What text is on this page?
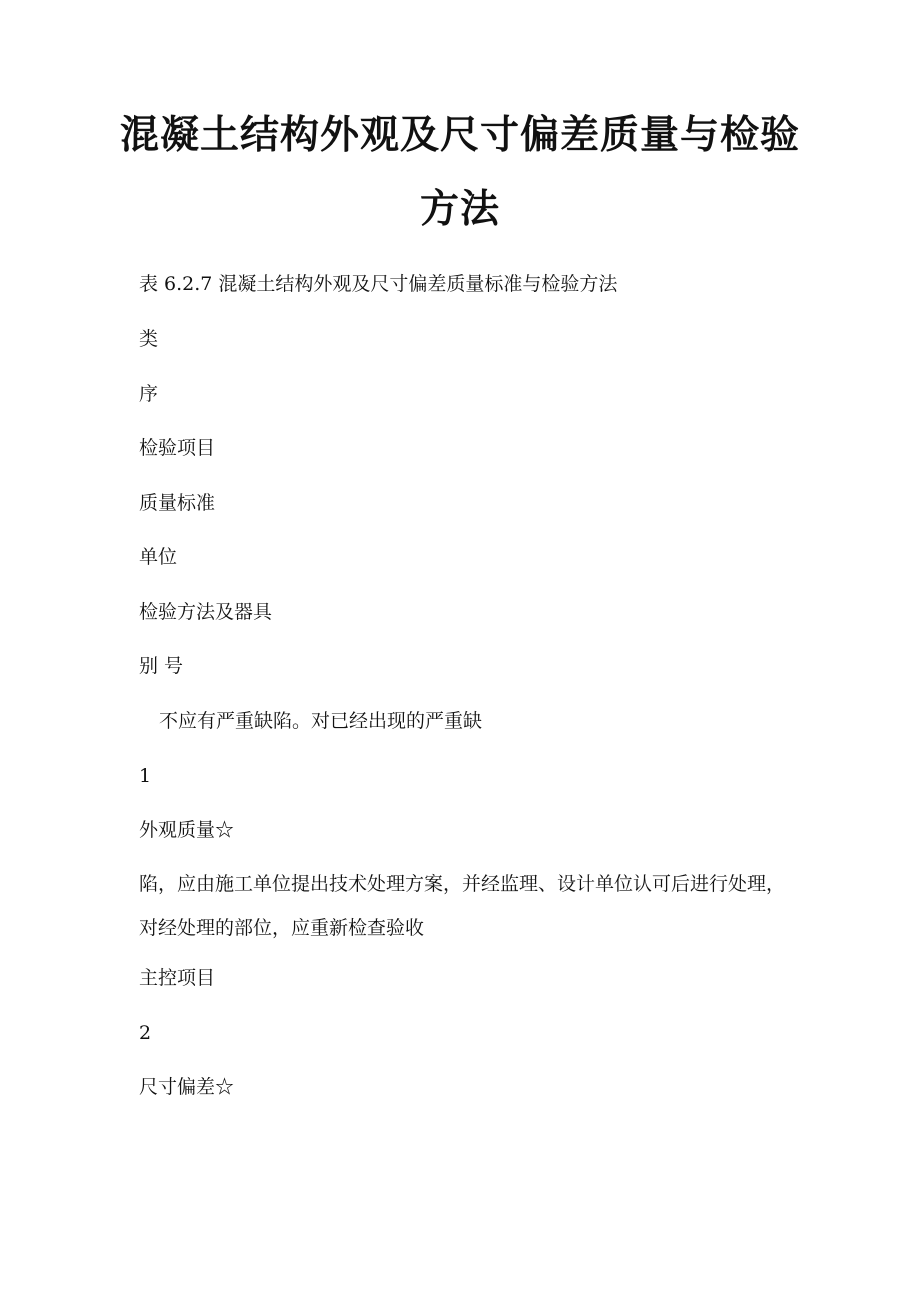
混凝土结构外观及尺寸偏差质量与检验
方法

表 6.2.7 混凝土结构外观及尺寸偏差质量标准与检验方法

类

序

检验项目

质量标准

单位

检验方法及器具

别 号

不应有严重缺陷。对已经出现的严重缺

1

外观质量☆

陷，应由施工单位提出技术处理方案，并经监理、设计单位认可后进行处理，对经处理的部位，应重新检查验收

主控项目

2

尺寸偏差☆
